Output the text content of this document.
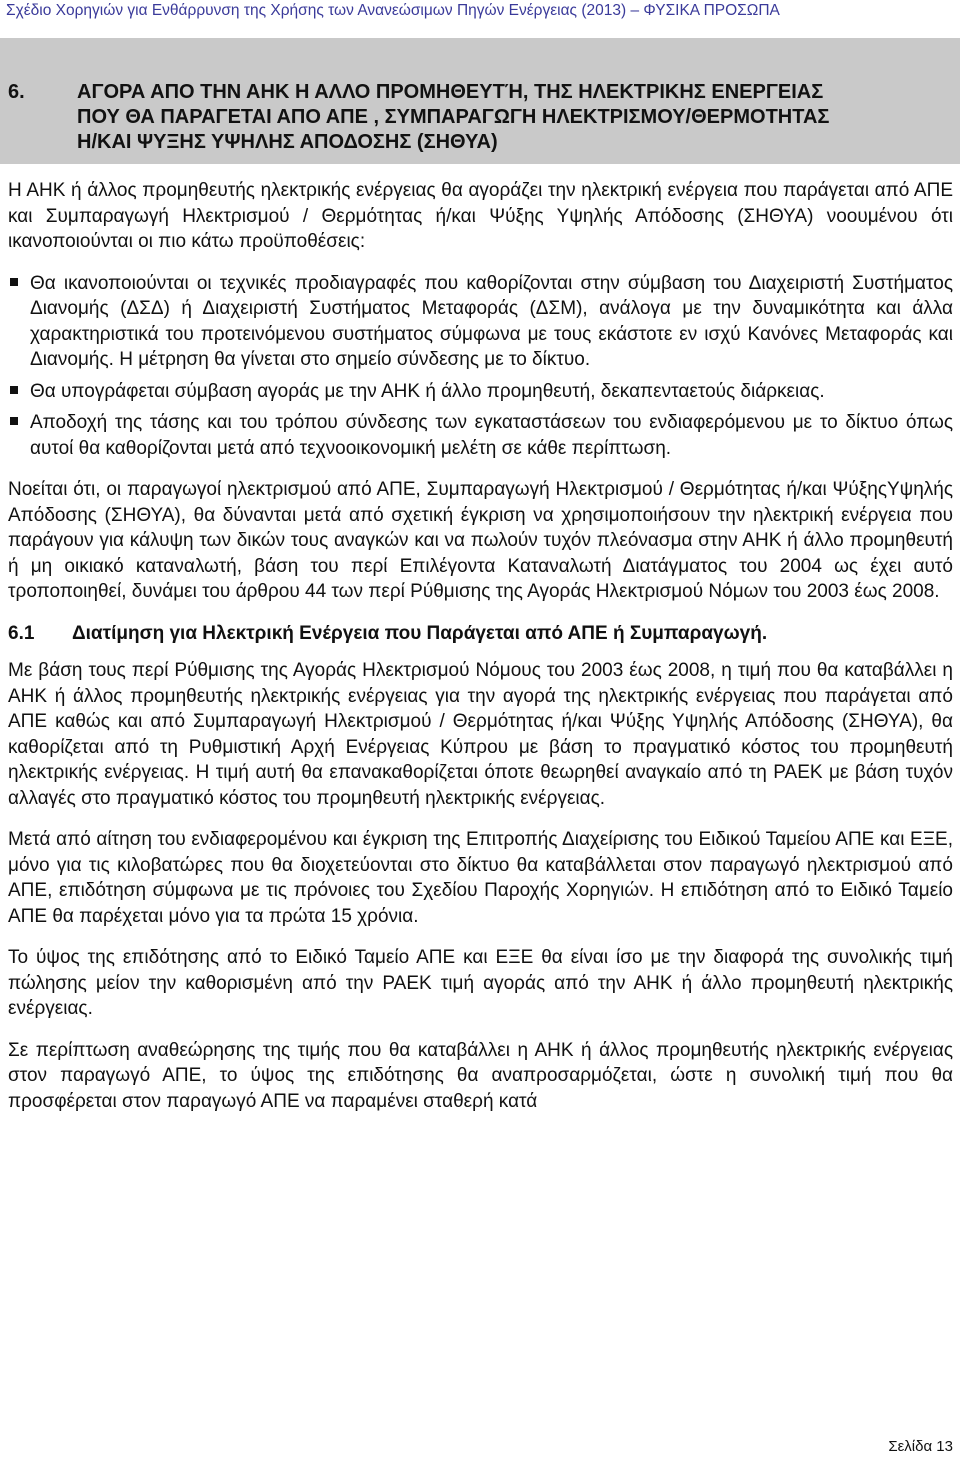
Σχέδιο Χορηγιών για Ενθάρρυνση της Χρήσης των Ανανεώσιμων Πηγών Ενέργειας (2013) – ΦΥΣΙΚΑ ΠΡΟΣΩΠΑ
6.	ΑΓΟΡΑ ΑΠΟ ΤΗΝ ΑΗΚ Η ΑΛΛΟ ΠΡΟΜΗΘΕΥΤΉ, ΤΗΣ ΗΛΕΚΤΡΙΚΗΣ ΕΝΕΡΓΕΙΑΣ
ΠΟΥ ΘΑ ΠΑΡΑΓΕΤΑΙ ΑΠΟ ΑΠΕ , ΣΥΜΠΑΡΑΓΩΓΗ ΗΛΕΚΤΡΙΣΜΟΥ/ΘΕΡΜΟΤΗΤΑΣ
Η/ΚΑΙ ΨΥΞΗΣ ΥΨΗΛΗΣ ΑΠΟΔΟΣΗΣ (ΣΗΘΥΑ)

Η ΑΗΚ ή άλλος προμηθευτής ηλεκτρικής ενέργειας θα αγοράζει την ηλεκτρική ενέργεια που παράγεται από ΑΠΕ και Συμπαραγωγή Ηλεκτρισμού / Θερμότητας ή/και Ψύξης Υψηλής Απόδοσης (ΣΗΘΥΑ) νοουμένου ότι ικανοποιούνται οι πιο κάτω προϋποθέσεις:

Θα ικανοποιούνται οι τεχνικές προδιαγραφές που καθορίζονται στην σύμβαση του Διαχειριστή Συστήματος Διανομής (ΔΣΔ) ή Διαχειριστή Συστήματος Μεταφοράς (ΔΣΜ), ανάλογα με την δυναμικότητα και άλλα χαρακτηριστικά του προτεινόμενου συστήματος σύμφωνα με τους εκάστοτε εν ισχύ Κανόνες Μεταφοράς και Διανομής. Η μέτρηση θα γίνεται στο σημείο σύνδεσης με το δίκτυο.
Θα υπογράφεται σύμβαση αγοράς με την ΑΗΚ ή άλλο προμηθευτή, δεκαπενταετούς διάρκειας.
Αποδοχή της τάσης και του τρόπου σύνδεσης των εγκαταστάσεων του ενδιαφερόμενου με το δίκτυο όπως αυτοί θα καθορίζονται μετά από τεχνοοικονομική μελέτη σε κάθε περίπτωση.

Νοείται ότι, οι παραγωγοί ηλεκτρισμού από ΑΠΕ, Συμπαραγωγή Ηλεκτρισμού / Θερμότητας ή/και ΨύξηςΥψηλής Απόδοσης (ΣΗΘΥΑ), θα δύνανται μετά από σχετική έγκριση να χρησιμοποιήσουν την ηλεκτρική ενέργεια που παράγουν για κάλυψη των δικών τους αναγκών και να πωλούν τυχόν πλεόνασμα στην ΑΗΚ ή άλλο προμηθευτή ή μη οικιακό καταναλωτή, βάση του περί Επιλέγοντα Καταναλωτή Διατάγματος του 2004 ως έχει αυτό τροποποιηθεί, δυνάμει του άρθρου 44 των περί Ρύθμισης της Αγοράς Ηλεκτρισμού Νόμων του 2003 έως 2008.

6.1 Διατίμηση για Ηλεκτρική Ενέργεια που Παράγεται από ΑΠΕ ή Συμπαραγωγή.

Με βάση τους περί Ρύθμισης της Αγοράς Ηλεκτρισμού Νόμους του 2003 έως 2008, η τιμή που θα καταβάλλει η ΑΗΚ ή άλλος προμηθευτής ηλεκτρικής ενέργειας για την αγορά της ηλεκτρικής ενέργειας που παράγεται από ΑΠΕ καθώς και από Συμπαραγωγή Ηλεκτρισμού / Θερμότητας ή/και Ψύξης Υψηλής Απόδοσης (ΣΗΘΥΑ), θα καθορίζεται από τη Ρυθμιστική Αρχή Ενέργειας Κύπρου με βάση το πραγματικό κόστος του προμηθευτή ηλεκτρικής ενέργειας. Η τιμή αυτή θα επανακαθορίζεται όποτε θεωρηθεί αναγκαίο από τη ΡΑΕΚ με βάση τυχόν αλλαγές στο πραγματικό κόστος του προμηθευτή ηλεκτρικής ενέργειας.

Μετά από αίτηση του ενδιαφερομένου και έγκριση της Επιτροπής Διαχείρισης του Ειδικού Ταμείου ΑΠΕ και ΕΞΕ, μόνο για τις κιλοβατώρες που θα διοχετεύονται στο δίκτυο θα καταβάλλεται στον παραγωγό ηλεκτρισμού από ΑΠΕ, επιδότηση σύμφωνα με τις πρόνοιες του Σχεδίου Παροχής Χορηγιών. Η επιδότηση από το Ειδικό Ταμείο ΑΠΕ θα παρέχεται μόνο για τα πρώτα 15 χρόνια.

Το ύψος της επιδότησης από το Ειδικό Ταμείο ΑΠΕ και ΕΞΕ θα είναι ίσο με την διαφορά της συνολικής τιμή πώλησης μείον την καθορισμένη από την ΡΑΕΚ τιμή αγοράς από την ΑΗΚ ή άλλο προμηθευτή ηλεκτρικής ενέργειας.

Σε περίπτωση αναθεώρησης της τιμής που θα καταβάλλει η ΑΗΚ ή άλλος προμηθευτής ηλεκτρικής ενέργειας στον παραγωγό ΑΠΕ, το ύψος της επιδότησης θα αναπροσαρμόζεται, ώστε η συνολική τιμή που θα προσφέρεται στον παραγωγό ΑΠΕ να παραμένει σταθερή κατά

Σελίδα 13
